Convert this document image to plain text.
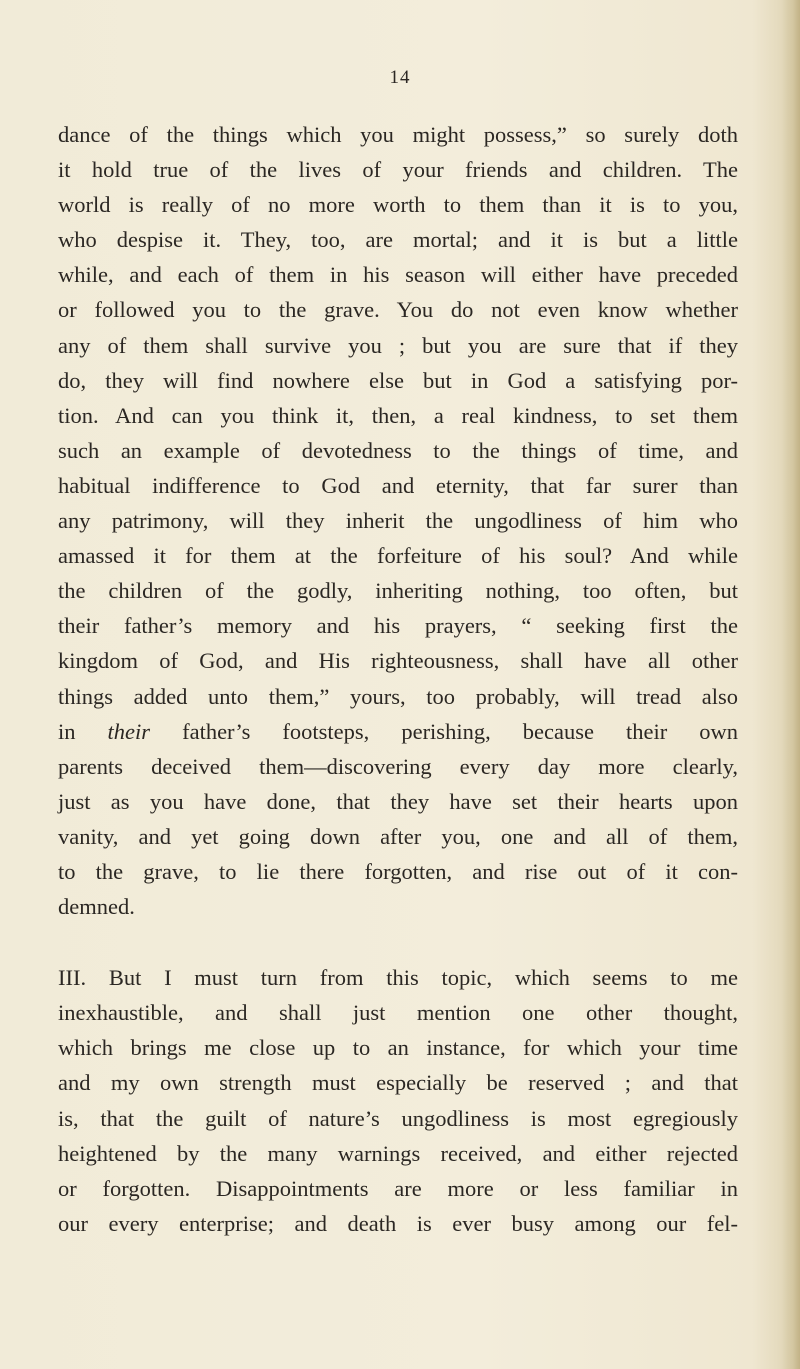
14
dance of the things which you might possess,” so surely doth
it hold true of the lives of your friends and children. The
world is really of no more worth to them than it is to you,
who despise it. They, too, are mortal; and it is but a little
while, and each of them in his season will either have preceded
or followed you to the grave. You do not even know whether
any of them shall survive you ; but you are sure that if they
do, they will find nowhere else but in God a satisfying por-
tion. And can you think it, then, a real kindness, to set them
such an example of devotedness to the things of time, and
habitual indifference to God and eternity, that far surer than
any patrimony, will they inherit the ungodliness of him who
amassed it for them at the forfeiture of his soul? And while
the children of the godly, inheriting nothing, too often, but
their father’s memory and his prayers, “ seeking first the
kingdom of God, and His righteousness, shall have all other
things added unto them,” yours, too probably, will tread also
in their father’s footsteps, perishing, because their own
parents deceived them—discovering every day more clearly,
just as you have done, that they have set their hearts upon
vanity, and yet going down after you, one and all of them,
to the grave, to lie there forgotten, and rise out of it con-
demned.
III. But I must turn from this topic, which seems to me
inexhaustible, and shall just mention one other thought,
which brings me close up to an instance, for which your time
and my own strength must especially be reserved ; and that
is, that the guilt of nature’s ungodliness is most egregiously
heightened by the many warnings received, and either rejected
or forgotten. Disappointments are more or less familiar in
our every enterprise; and death is ever busy among our fel-
